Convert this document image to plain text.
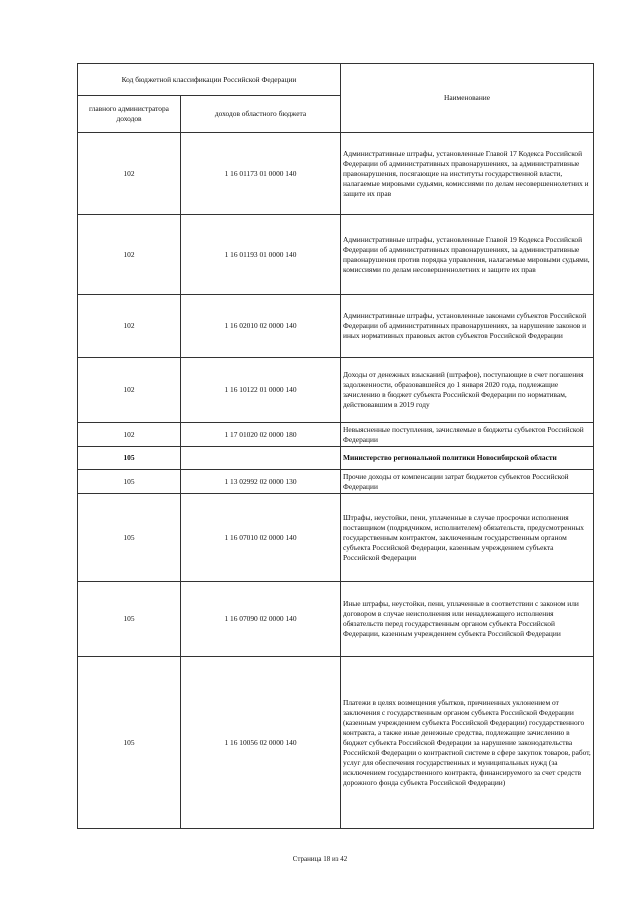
Код бюджетной классификации Российской Федерации		Наименование
главного администратора доходов	доходов областного бюджета	
102	1 16 01173 01 0000 140	Административные штрафы, установленные Главой 17 Кодекса Российской Федерации об административных правонарушениях, за административные правонарушения, посягающие на институты государственной власти, налагаемые мировыми судьями, комиссиями по делам несовершеннолетних и защите их прав
102	1 16 01193 01 0000 140	Административные штрафы, установленные Главой 19 Кодекса Российской Федерации об административных правонарушениях, за административные правонарушения против порядка управления, налагаемые мировыми судьями, комиссиями по делам несовершеннолетних и защите их прав
102	1 16 02010 02 0000 140	Административные штрафы, установленные законами субъектов Российской Федерации об административных правонарушениях, за нарушение законов и иных нормативных правовых актов субъектов Российской Федерации
102	1 16 10122 01 0000 140	Доходы от денежных взысканий (штрафов), поступающие в счет погашения задолженности, образовавшейся до 1 января 2020 года, подлежащие зачислению в бюджет субъекта Российской Федерации по нормативам, действовавшим в 2019 году
102	1 17 01020 02 0000 180	Невыясненные поступления, зачисляемые в бюджеты субъектов Российской Федерации
105		Министерство региональной политики Новосибирской области
105	1 13 02992 02 0000 130	Прочие доходы от компенсации затрат бюджетов субъектов Российской Федерации
105	1 16 07010 02 0000 140	Штрафы, неустойки, пени, уплаченные в случае просрочки исполнения поставщиком (подрядчиком, исполнителем) обязательств, предусмотренных государственным контрактом, заключенным государственным органом субъекта Российской Федерации, казенным учреждением субъекта Российской Федерации
105	1 16 07090 02 0000 140	Иные штрафы, неустойки, пени, уплаченные в соответствии с законом или договором в случае неисполнения или ненадлежащего исполнения обязательств перед государственным органом субъекта Российской Федерации, казенным учреждением субъекта Российской Федерации
105	1 16 10056 02 0000 140	Платежи в целях возмещения убытков, причиненных уклонением от заключения с государственным органом субъекта Российской Федерации (казенным учреждением субъекта Российской Федерации) государственного контракта, а также иные денежные средства, подлежащие зачислению в бюджет субъекта Российской Федерации за нарушение законодательства Российской Федерации о контрактной системе в сфере закупок товаров, работ, услуг для обеспечения государственных и муниципальных нужд (за исключением государственного контракта, финансируемого за счет средств дорожного фонда субъекта Российской Федерации)
Страница 18 из 42
